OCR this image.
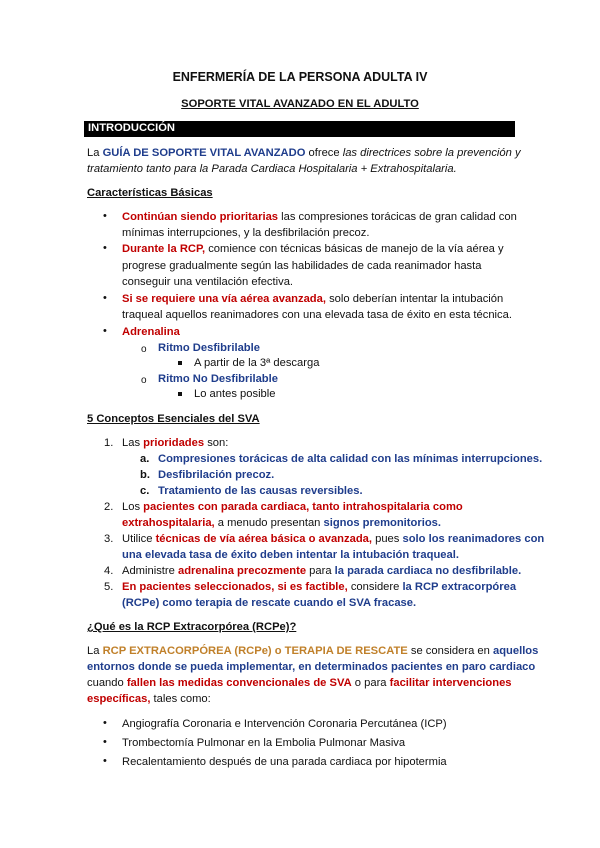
ENFERMERÍA DE LA PERSONA ADULTA IV
SOPORTE VITAL AVANZADO EN EL ADULTO
INTRODUCCIÓN
La GUÍA DE SOPORTE VITAL AVANZADO ofrece las directrices sobre la prevención y
tratamiento tanto para la Parada Cardiaca Hospitalaria + Extrahospitalaria.
Características Básicas
• Continúan siendo prioritarias las compresiones torácicas de gran calidad con
mínimas interrupciones, y la desfibrilación precoz.
• Durante la RCP, comience con técnicas básicas de manejo de la vía aérea y
progrese gradualmente según las habilidades de cada reanimador hasta
conseguir una ventilación efectiva.
• Si se requiere una vía aérea avanzada, solo deberían intentar la intubación
traqueal aquellos reanimadores con una elevada tasa de éxito en esta técnica.
• Adrenalina
o Ritmo Desfibrilable
A partir de la 3ª descarga
o Ritmo No Desfibrilable
Lo antes posible
5 Conceptos Esenciales del SVA
1. Las prioridades son:
a. Compresiones torácicas de alta calidad con las mínimas interrupciones.
b. Desfibrilación precoz.
c. Tratamiento de las causas reversibles.
2. Los pacientes con parada cardiaca, tanto intrahospitalaria como
extrahospitalaria, a menudo presentan signos premonitorios.
3. Utilice técnicas de vía aérea básica o avanzada, pues solo los reanimadores con
una elevada tasa de éxito deben intentar la intubación traqueal.
4. Administre adrenalina precozmente para la parada cardiaca no desfibrilable.
5. En pacientes seleccionados, si es factible, considere la RCP extracorpórea
(RCPe) como terapia de rescate cuando el SVA fracase.
¿Qué es la RCP Extracorpórea (RCPe)?
La RCP EXTRACORPÓREA (RCPe) o TERAPIA DE RESCATE se considera en aquellos
entornos donde se pueda implementar, en determinados pacientes en paro cardiaco
cuando fallen las medidas convencionales de SVA o para facilitar intervenciones
específicas, tales como:
• Angiografía Coronaria e Intervención Coronaria Percutánea (ICP)
• Trombectomía Pulmonar en la Embolia Pulmonar Masiva
• Recalentamiento después de una parada cardiaca por hipotermia
